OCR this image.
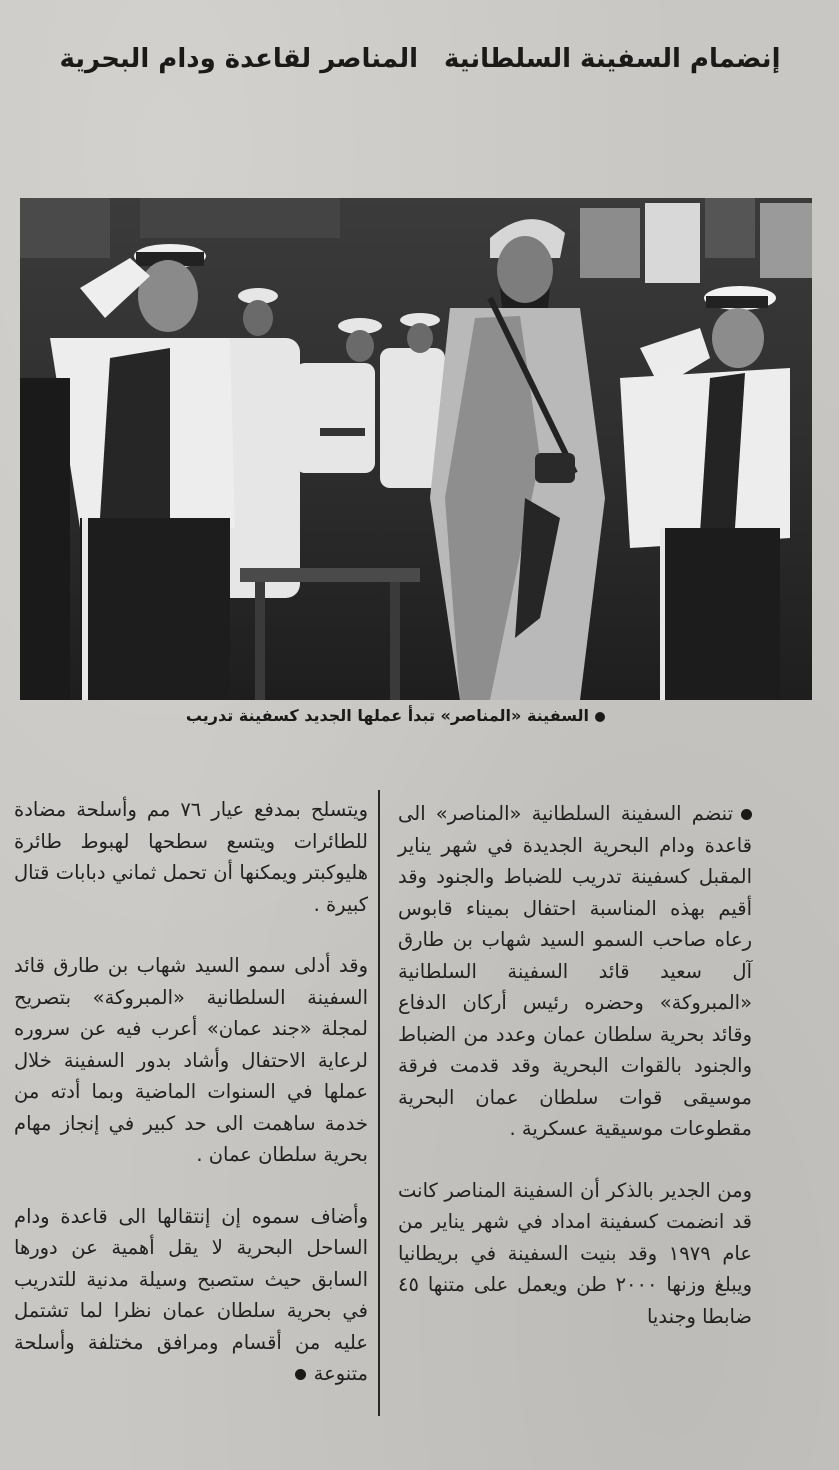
إنضمام السفينة السلطانيةالمناصر لقاعدة ودام البحرية
السفينة «المناصر» تبدأ عملها الجديد كسفينة تدريب

تنضم السفينة السلطانية «المناصر» الى قاعدة ودام البحرية الجديدة في شهر يناير المقبل كسفينة تدريب للضباط والجنود وقد أقيم بهذه المناسبة احتفال بميناء قابوس رعاه صاحب السمو السيد شهاب بن طارق آل سعيد قائد السفينة السلطانية «المبروكة» وحضره رئيس أركان الدفاع وقائد بحرية سلطان عمان وعدد من الضباط والجنود بالقوات البحرية وقد قدمت فرقة موسيقى قوات سلطان عمان البحرية مقطوعات موسيقية عسكرية .

ومن الجدير بالذكر أن السفينة المناصر كانت قد انضمت كسفينة امداد في شهر يناير من عام ١٩٧٩ وقد بنيت السفينة في بريطانيا ويبلغ وزنها ٢٠٠٠ طن ويعمل على متنها ٤٥ ضابطا وجنديا

ويتسلح بمدفع عيار ٧٦ مم وأسلحة مضادة للطائرات ويتسع سطحها لهبوط طائرة هليوكبتر ويمكنها أن تحمل ثماني دبابات قتال كبيرة .

وقد أدلى سمو السيد شهاب بن طارق قائد السفينة السلطانية «المبروكة» بتصريح لمجلة «جند عمان» أعرب فيه عن سروره لرعاية الاحتفال وأشاد بدور السفينة خلال عملها في السنوات الماضية وبما أدته من خدمة ساهمت الى حد كبير في إنجاز مهام بحرية سلطان عمان .

وأضاف سموه إن إنتقالها الى قاعدة ودام الساحل البحرية لا يقل أهمية عن دورها السابق حيث ستصبح وسيلة مدنية للتدريب في بحرية سلطان عمان نظرا لما تشتمل عليه من أقسام ومرافق مختلفة وأسلحة متنوعة
